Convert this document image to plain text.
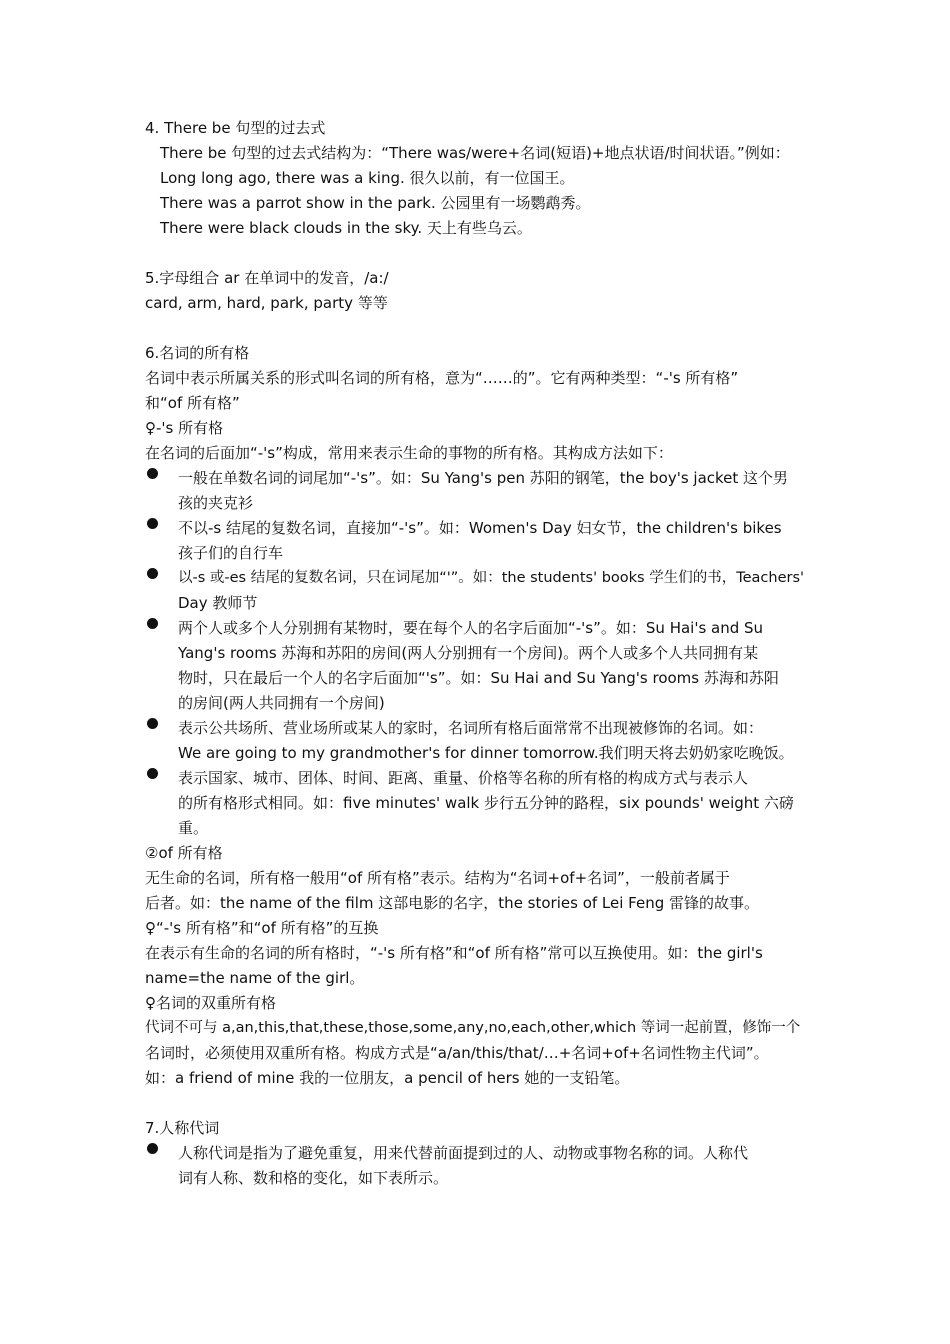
4. There be 句型的过去式
There be 句型的过去式结构为：“There was/were+名词(短语)+地点状语/时间状语。”例如：
Long long ago, there was a king. 很久以前，有一位国王。
There was a parrot show in the park. 公园里有一场鹦鹉秀。
There were black clouds in the sky. 天上有些乌云。
5.字母组合 ar 在单词中的发音，/a:/
card, arm, hard, park, party 等等
6.名词的所有格
名词中表示所属关系的形式叫名词的所有格，意为“……的”。它有两种类型：“-'s 所有格”
和“of 所有格”
♀-'s 所有格
在名词的后面加“-'s”构成，常用来表示生命的事物的所有格。其构成方法如下：
一般在单数名词的词尾加“-'s”。如：Su Yang's pen 苏阳的钢笔，the boy's jacket 这个男
孩的夹克衫
不以-s 结尾的复数名词，直接加“-'s”。如：Women's Day 妇女节，the children's bikes
孩子们的自行车
以-s 或-es 结尾的复数名词，只在词尾加“'”。如：the students' books 学生们的书，Teachers'
Day 教师节
两个人或多个人分别拥有某物时，要在每个人的名字后面加“-'s”。如：Su Hai's and Su
Yang's rooms 苏海和苏阳的房间(两人分别拥有一个房间)。两个人或多个人共同拥有某
物时，只在最后一个人的名字后面加“'s”。如：Su Hai and Su Yang's rooms 苏海和苏阳
的房间(两人共同拥有一个房间)
表示公共场所、营业场所或某人的家时，名词所有格后面常常不出现被修饰的名词。如：
We are going to my grandmother's for dinner tomorrow.我们明天将去奶奶家吃晚饭。
表示国家、城市、团体、时间、距离、重量、价格等名称的所有格的构成方式与表示人
的所有格形式相同。如：five minutes' walk 步行五分钟的路程，six pounds' weight 六磅
重。
②of 所有格
无生命的名词，所有格一般用“of 所有格”表示。结构为“名词+of+名词”，一般前者属于
后者。如：the name of the film 这部电影的名字，the stories of Lei Feng 雷锋的故事。
♀“-'s 所有格”和“of 所有格”的互换
在表示有生命的名词的所有格时，“-'s 所有格”和“of 所有格”常可以互换使用。如：the girl's
name=the name of the girl。
♀名词的双重所有格
代词不可与 a,an,this,that,these,those,some,any,no,each,other,which 等词一起前置，修饰一个
名词时，必须使用双重所有格。构成方式是“a/an/this/that/…+名词+of+名词性物主代词”。
如：a friend of mine 我的一位朋友，a pencil of hers 她的一支铅笔。
7.人称代词
人称代词是指为了避免重复，用来代替前面提到过的人、动物或事物名称的词。人称代
词有人称、数和格的变化，如下表所示。
